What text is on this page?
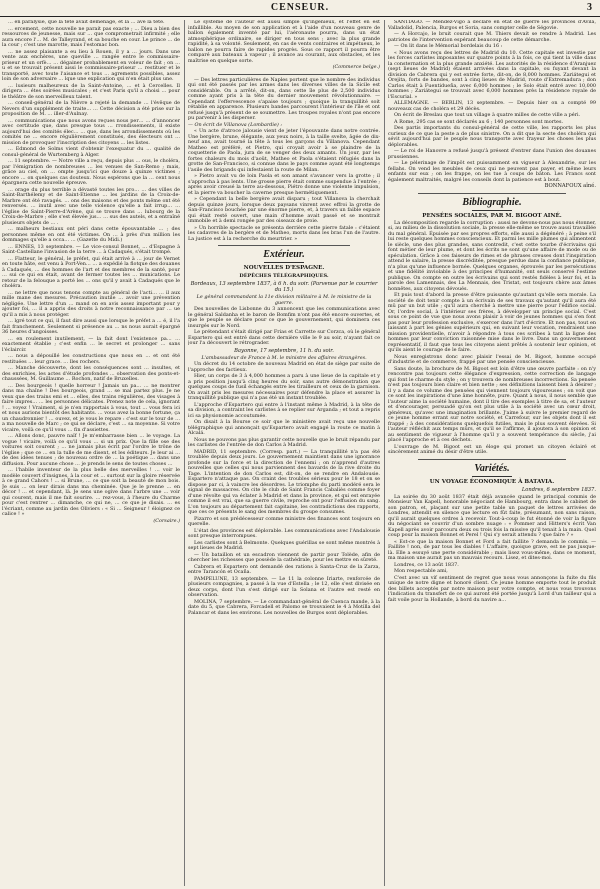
CENSEUR.	3

… en paralysie, que la tête avait déménagé, et la … ave la tête.

… ercement, cette nouvelle ne parait pas exacte ; … Dieu a bien des ressources de jeunesse, mais sur … que comprometrait infirmité ; elle aura encore l'… M. de Talleyrand, et sa bouche en cour. Le prince … de la cour ; c'est une marotte, mais l'estomac bon.

… ne assez plaisante a eu lieu à Rouen, il y a … jours. Dans une vente aux enchères, une queville … rangée entre le commissaire-priseur et un orfè… … dégainer probablement en voleur de fait ; on … u et se trouvait présent aissi le commissaire-priseur … restituer et le transporté, avec toute l'aisance et tous … agrements possibles, assez loin de son adversaire … lque une explication qui n'en était plus une.

… lusieurs malheureux de la Saint-Antoine, … et à Cercelles. Il dirigera … étes soirées musicales ; et c'est Paris qu'il a choisi … pour le théâtre de son merveilleux talent.

… conseil-général de la Nièvre a rejeté la demande … l'évêque de Nevers d'un supplément de traite… … Cette décision a été prise sur la proposition de M. … iller-d'Aulnay.

… communications que nous avons reçues nous per… … d'annoncer avec certitude que, dans presque tous … rrondissements, il existe aujourd'hui des comités élec… … que, dans les arrondissements où les comités ne … encore régulièrement constitués, des électeurs ont … mission de provoquer l'inscription des citoyens … les listes.

… Edmond de Solms vient d'obtenir l'exequatur du … qualité de consul-général de Wurtemberg à Alger.

… 11 septembre. — Notre ville a reçu, depuis plus … ous, le choléra, par l'émigration de nombreuses … les venues de San-Remo ; mais, grâce au ciel, on … ompte jusqu'ici que douze à quinze victimes ; encore … on quelques cas douteux. Nous espérons que la … cent nous épargnera cette nouvelle épreuve.

… orage du plus terrible a dévasté toutes les pro… … des villes de Saint-Barthélemy et de Saint-Etienne … les jardins de la Croix-de-Marbre ont été ravagés. … ons des maisons et des ponts même ont été renversés. … inutil avec une telle violence qu'elle a fait irrup… … l'église de Saint-Pierre-d'Arène, qui se trouve dans … lubourg de la Croix-de-Marbre ; elle s'est élevée jus… … sus des autels, et a entraîné plusieurs objets de … .

… malheurs bestiaux ont péri dans cette épouvantable … ; des personnes même en ont été victimes. On … à près d'un million les dommages qu'elle a occa… … (Gazette du Midi.)

… ENNES, 13 septembre. — Le vice-consul Bonnet, … d'Espagne à Saint-Castellane l'invasion de la terre … à Cadaqués, s'était trompé.

… Flatteur, le général, le préfet, qui était arrivé à … jour de Vernet en toute hâte, est venu à Port-Ven… … a expédié la flotque des douanes à Cadaqués, … des hommes de l'art et des membres de la santé, pour … sui ce qui en était, avant de fermer toutes les … munications. Le retour de la felouque a porté les … ons qu'il y avait à Cadaqués que le choléra.

… ne lettre que nous tenons compte au général de l'acti… … il aux mille mane des mesures. Précaution inutile … avoir une prévention négligée. Une lettre d'un … mand on en avis assez important pour y ajouter foi, … il a appris des droits à notre reconnaissance par … ue qu'il a mis à nous protéger.

… lgré tout ce qui, il faut dire aussi que lorsque le préfet a … é, il l'a fait franchement. Seulement si présence au … ns nous aurait épargné 36 heures d'angoisses.

… en roulement inutilement, — la fait dont l'existence pa… … exactement établie ; c'est enfin … le secret et prolonger … sans l'éclaircir.

… nous a dépouillé les constructions que nous en … et ont été restituées … leur grace. … lles rochers.

… Manche découverte, dont les conséquences sont … insultes, et des enrichies, les actes d'étude profondes … observation des ponts-et-chaussées, M. Guillaume … Rochon, natif de Bruxelles.

… Des bourgeois ! quelle horreur ! Jamais un pa… … ne montrer dans ma chaîne ! Des bourgeois, grand … se mal partez plus. Je ne veux que des trains emi et … elles, des trains régulières, des visages à faire impres… … les personnes délicates. Prenez note de cela, ignorant ! … voyez ! Vraiment, si je n'en rapportais à vous, tout … vous fera ici et nous aurions bientôt des habitants. … vous avez la bonne fortune, ça un chaudronnier ! … ouvez, et je vous le repare : c'est sur le tour de … a ma nouvelle de Marc ; ce qui se déclare, c'est … sa moyenne. Si votre vicaire, voilà ce qu'il vous … fin d'assiettes.

… Allons donc, pauvre naïf ! Je m'embarrasse bien … le voyage. La vogue ! vicaire, voilà ce qu'il vous … si un prix. Que la fille ose des voitures soit courent ; … ne jamais plus écrit par l'ordre le trône de l'église ; que ce … en la tulle de me disent, et les éditeurs. Je leur ai … de des idées tenues ; de nouveau ordre de … la poétique … dans une diffusion. Pour aucune chose … je prends le sens de toutes choses …

… l'habile inventeur de la plus belle des merveilles ! … voir le modèle couvert d'insignes, à la cour et … surtout sur la gloire réservée à ce grand Cahors ! … si Brune, … ce que soit la beauté de mon bois. Je suis … on leur dirais dans ma cheminée. Que je le prenne … en décor ! … et cependant, là. Je sens une ogive dans l'arbre une … voir qui courent, mais il me fait sourire. … rez-vous, à l'heure du Charme pour c'est rentrer … dimanche, ce qui ne, … ce que je disais. … es l'écriant, comme au jardin des Oliviers : « Si … Seigneur ! éloignez ce calice ! »

(Corsaire.)

Le système de l'auteur est aussi simple qu'ingénieux, et l'effet en est infaillible. Au moyen de son application et à l'aide d'un nouveau genre de ballon également inventé par lui, l'aéronaute pourra, dans un état atmosphérique ordinaire, se diriger en tous sens ; avec la plus grande rapidité, à sa volonté. Seulement, en cas de vents contraires et impétueux, le ballon ne pourra faire de rapides progrès. Sous ce rapport il pourra être comparé aux bateaux à vapeur ; il avance au courant, aux obstacles, et les maîtrise en quelque sorte.

(Commerce belge.)

— Des lettres particulières de Naples portent que le nombre des individus qui ont été passés par les armes dans les diverses villes de la Sicile est considérable. On a arrêté, dit-on, dans cette île plus de 2,500 individus comme ayant pris à la tête du dernier mouvement révolutionnaire. — Cependant l'effervescence s'apaise toujours ; quoique la tranquillité soit rétablie en apparence. Plusieurs bandes parcourent l'intérieur de l'île et ont refusé jusqu'à présent de se soumettre. Les troupes royales n'ont pas encore pu parvenir à les disperser.

— On écrit de Villanova (Lombardie) :

« Un acte d'atroce jalousie vient de jeter l'épouvante dans notre contrée. Une bergère, brune, élégante, aux yeux noirs, à la taille svelte, âgée de dix-neuf ans, avait tourné la tête à tous les garçons du Villanova. Cependant Matheo est préféré, et Pietro, qui croyait avoir à se plaindre de la coquetterie de Paola, jura de se venger des deux amants. Un jour, par les fortes chaleurs du mois d'août, Matheo et Paola s'étaient réfugiés dans la grotte de San-Francisco, si connue dans le pays comme ayant été longtemps l'asile des brigands qui infestaient la route de Milan.

» Pietro avait vu de loin Paola et son amant s'avancer vers la grotte ; il s'approcha à pas lents. Une grosse pierre était comme suspendue à l'entrée ; après avoir creusé la terre au-dessous, Piétro donne une violente impulsion, et la pierre va boucher la caverne presque hermétiquement.

» Cependant la belle bergère avait disparu ; tout Villanova la cherchait depuis quinze jours, lorsque deux paysans vinrent avec effroi la grotte de San-Francisco bouchée par une énorme pierre, et, à travers un faible espace qui était resté ouvert, une main d'homme avait passé et se montrait immobile et à demi rongée par des oiseaux de proie.

» Un horrible spectacle se présenta derrière cette pierre fatale : c'étaient les cadavres de la bergère et de Matheo, morts dans les bras l'un de l'autre. La justice est à la recherche du meurtrier. »

Extérieur.
NOUVELLES D'ESPAGNE.
DÉPÊCHES TÉLÉGRAPHIQUES.
Bordeaux, 13 septembre 1837, à 6 h. du soir. (Parvenue par le courrier du 15.)

Le général commandant la 11e division militaire à M. le ministre de la guerre.

Des nouvelles de Lisbonne du 3 annoncent que les communications avec le général Saldanha et le baron de Bomfim n'ont pas été encore ouvertes, et que le peuple se déclare pour ce que le gouvernement, qui dominera ces insurgés sur le Nord.

Le prétendant s'était dirigé par Frias et Carrette sur Corzca, où le général Espartero qui est entré dans cette dernière ville le 9 au soir, n'ayant fait ce jour l'a découvert le rétrograder.

Bayonne, 17 septembre, 11 h. du soir.

L'ambassadeur de France à M. le ministre des affaires étrangères.

Un décret du 14 octobre de nouveau Madrid en état de siège par suite de l'approche des factieux.

Hier, un corps de 3 à 4,000 hommes a paru à une lieue de la capitale et y a pris position jusqu'à cinq heures du soir, sans autre démonstration que quelques coups de fusil échangés entre les tirailleurs et ceux de la garnison. On avait pris les mesures nécessaires pour défendre la place et assurer la tranquillité publique qui n'a pas été un instant troublée.

L'approche d'Espartero qui entre à l'instant même à Madrid, à la tête de sa division, a contraint les carlistes à se replier sur Arganda ; et tout a repris ici sa physionomie accoutumée.

On disait à la Bourse ce soir que le ministère avait reçu une nouvelle télégraphique qui annonçait qu'Espartero avait engagé la route ce matin à Alcalá.

Nous ne pouvons pas plus garantir cette nouvelle que le bruit répandu par les carlistes de l'entrée de don Carlos à Madrid.

MADRID, 11 septembre. (Corresp. part.) — La tranquillité n'a pas été troublée depuis deux jours. Le gouvernement maintient dans une ignorance profonde sur la force et la direction de l'ennemi ; on n'apprend d'autres nouvelles que celles qui nous parviennent des bavards de la rive droite du Tage. L'intention de don Carlos est, dit-on, de se rendre en Andalousie. Espartero n'attaque pas. On craint des troubles sérieux pour le 18 et on se dispose par ci, à vaincre les désordres. Le triomphe du parti modéré sera le signal de massacres. On cite le club de Saint Francis Cabaliès comme foyer d'une révolte qui va éclater à Madrid et dans la province, et qui est enrayée comme il est vrai, que sa guerre civile, reproche ont pour l'effusion du sang. L'on toujours au département fait capitaine, les contradictions des rapports, que ces ce présents le sang des membres du groupe consumes.

Pizarro et son prédécesseur comme ministre des finances sont toujours en querelle.

L'état des provinces est déplorable. Les communications avec l'Andalousie sont presque interrompues.

Les carlistes sont à Belmonte. Quelques guérillas se sont même montrés à sept lieues de Madrid.

— Un bataillon et un escadron viennent de partir pour Tolède, afin de chercher les richesses que possède la cathédrale, pour les mettre en sûreté.

Cabrera et Espartero ont demandé des rations à Santa-Cruz de la Zarza, entre Tarancón et Ocaña.

PAMPELUNE, 13 septembre. — Le 11 la colonne Iriarte, renforcée de plusieurs compagnies, a passé à la vue d'Estella ; le 12, elle s'est divisée en deux corps, dont l'un s'est dirigé sur la Solana et l'autre est resté en observation.

MOLINA, 7 septembre. — Le commandant-général de Cuenca mande, à la date du 5, que Cabrera, Forcadell et Palomo se trouvaient le 4 à Motilla del Palancar et dans les environs. Les nouvelles de Burgos sont déplorables.

SANTIAGO. — Mendez-Vigo a déclaré en état de guerre les provinces d'Avila, Valladolid, Palencia, Burgos et Soria, sans compter celle de Ségovie.

— A Horcajo, le bruit courait que M. Thiers devait se rendre à Madrid. Les patriotes de l'intervention espérant beaucoup de cette démarche.

— On lit dans le Mémorial bordelais du 16 :

« Nous avons reçu des lettres de Madrid du 10. Cette capitale est investie par les forces carlistes imposantes sur quatre points à la fois, ce qui tient la ville dans la consternation et la plus grande anxiété. Les autorités de la résidence d'Aranjuez (sept lieues de Madrid) étaient arrivées dans la capitale, ou fuyant devant la division de Cabrera qui y est entrée forte, dit-on, de 8,000 hommes. Zariátegui et Orejita, forts de bandes, sont à cinq lieues de Madrid, route d'Extremadura ; don Carlos était à Fuentidueña, avec 6,000 hommes ; le Solo était entré avec 10,000 hommes ; Zariátegui se trouvait avec 6,000 hommes près la résidence royale de l'Escurial. »

ALLEMAGNE. — BERLIN, 13 septembre. — Depuis hier on a compté 99 nouveaux cas de choléra et 29 décès.

On écrit de Breslau que tout un village à quatre milles de cette ville a péri.

A Rome, 295 cas se sont déclarés au 6 ; 140 personnes sont mortes.

Des partis importants du consul-général de cette ville, les rapports les plus curieux de ce que la peste a de plus sinistre. On a dit que la secte des choléra qui sévit aujourd'hui par le peuple nous transporte avec frayeur les choses les plus déplorables.

— Le roi de Hanovre a refusé jusqu'à présent d'entrer dans l'union des douanes prussiennes.

— Le pèlerinage de l'impôt est puissamment en vigueur à Alexandrie, sur les fellahs. On vend les meubles de ceux qui ne peuvent pas payer, et même leurs enfants sur eux ; on les frappe, on les tue à coups de bâton. Les Francs sont également maltraités, malgré les conseils dont la patience est à bout.

BONNAFOUX aîné.
Bibliographie.
PENSÉES SOCIALES, PAR M. BIGOOT AINÉ.

La décomposition regarde la corruption : aussi ne devons-nous pas nous étonner, si, au milieu de la dissolution sociale, la presse elle-même se trouve aussi travaillée du mal général. Épuisée par ses propres efforts, elle aussi a dégénéré ; à peine s'il lui reste quelques hommes consciencieux. Et parmi les mille plumes qui alimentent le siècle, une des plus grandes, sans contredit, c'est cette tourbe d'écrivains qui font métier de leur plume, et dont les écrits ne sont qu'une affaire de mode ou de spéculation. Grâce à ces faiseurs de rimes et de phrases creuses dont l'inspiration attend le salaire, la presse discréditée, presque perdue dans la confiance publique, n'a plus qu'une influence bornée. Quelques organes, éprouvés par les persécutions et une fidélité inviolable à des principes d'humanité, ont seuls conservé l'estime publique. On compte en outre les écrivains qui sont restés fidèles à leur foi, et la parole des Lamennais, des La Mennais, des Tristat, est toujours chère aux âmes honnêtes, aux citoyens dévoués.

Et puis tout d'abord la presse d'être puissante qu'autant qu'elle sera morale. La société de doit tenir compte à un écrivain de ses travaux qu'autant qu'il aura été mû par un but utile ; qu'il aura cherché à mettre une pierre pour l'édifice social. Or, l'ordre social, à l'intérieur ses frères, à développer un principe social. C'est sous ce point de vue que nous avons plaisir à voir de jeunes hommes qui s'en font pas pour leur profession exclusive, s'exercer dans l'art d'écrire. Et non pas, tout en laissant à part les génies supérieurs qui, en suivant leur vocation, rendraient une mission providentielle, n'avoir à répondre à tous ces scribes à tant la ligne des hommes par leur conviction raisonnée mise dans le livre. Dans un gouvernement représentatif, il faut que tous les citoyens aient prêtés à soutenir leur opinion, et qu'ils aient le courage de le faire.

Nous enregistrons donc avec plaisir l'essai de M. Bigoot, homme occupé d'industrie et de commerce, frappé par une pensée consciencieuse.

Sans doute, la brochure de M. Bigoot est loin d'être une œuvre parfaite : on n'y rencontre pas toujours cette élégance d'expression, cette correction de langage qui font le charme du style ; on y trouvera de nombreuses incorrections. Sa pensée n'est pas toujours bien claire et bien nette ; ses définitions laissent bien à désirer ; il y a dans ce volume des pensées qui viennent toujours vigoureuses ; on voit que ce sont les inspirations d'une âme honnête, pure. Quant à nous, il nous semble que l'auteur aime la société humaine, dont il tire des exemples à titre de sa, et l'auteur et d'encourager, persuadé qu'on est plus utile à la société avec un cœur droit, généreux, qu'avec une imagination brillante. J'aime à suivre le premier regard de ce jeune homme errant sur notre société, et Carrefour, sur les objets dont il est frappé ; à des considérations quelquefois futiles, mais le plus souvent élevées. Si l'auteur réfléchit aux temps mûrs, et qu'il se l'affirme, il ajoutera à son opinion et au sentiment de vigueur à l'homme qu'il y a souvent tempérance du siècle, j'ai placé l'approche et à ces déchets.

L'ouvrage de M. Bigoot est un éloge qui promet un citoyen éclairé et sincèrement animé du désir d'être utile.

Variétés.
UN VOYAGE ÉCONOMIQUE À BATAVIA.
Londres, 6 septembre 1837.

La soirée du 30 août 1837 était déjà avancée quand le principal commis de Monsieur Van Kapell, honorable négociant de Hambourg, entra dans le cabinet de son patron, et, plaçant sur une petite table un paquet de lettres arrivées de Londres, attendit en silence que lecture en fût faite, présumant, non sans raison, qu'il aurait quelques ordres à recevoir. Tout-à-coup le fut étonné de voir la figure du négociant se couvrir d'un sombre nuage : « Pommer and Hitters's écrit Van Kapell après avoir parcouru deux ou trois fois la missive qu'il tenait à la main. Quel coup pour la maison Bonnet et Perel ! Qui s'y serait attendu ? que faire ? »

« Est-ce que la maison Bonnet et Ford a fait faillite ? demanda le commis. — Faillite ! non, de par tous les diables ! L'affaire, quoique grave, est ne pas jusque-là. Elle a essuyé une perte considérable ; mais lisez vous-même, dans ce moment, ma maison une aurait pas un mauvais recours. Lisez, et dites-moi.

Londres, ce 13 août 1837.

Mon respectable ami,

C'est avec un vif sentiment de regret que nous vous annonçons la fuite du fils unique de notre digne et honoré client. Ce jeune homme emporte tout le produit des billets acceptés par notre maison pour votre compte, et nous vous trouvons l'indication du transfert de ce qui auront été portée jusqu'à Lord d'un tailleur qui a fait voile pour la Hollande, à bord du navire a…
